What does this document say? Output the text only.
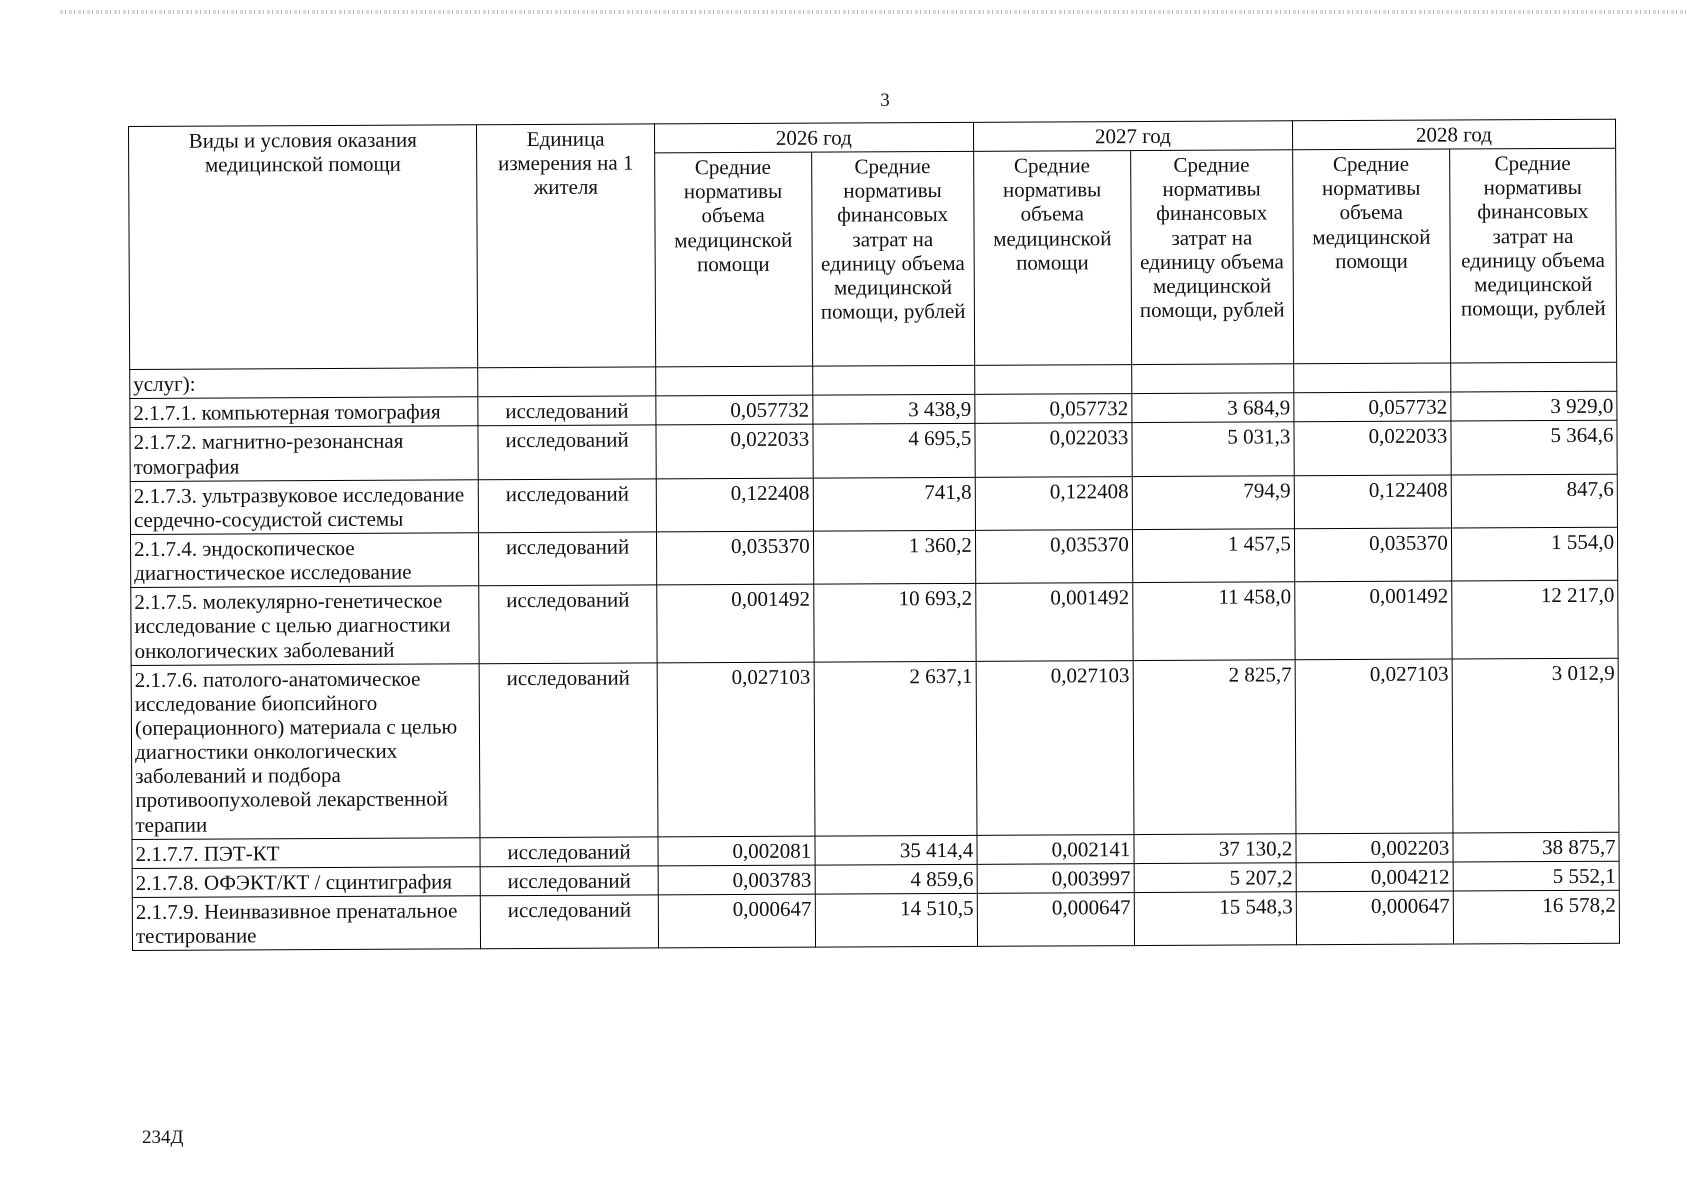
3
Виды и условия оказания медицинской помощи	Единица измерения на 1 жителя	2026 год		2027 год		2028 год	
		Средние нормативы объема медицинской помощи	Средние нормативы финансовых затрат на единицу объема медицинской помощи, рублей	Средние нормативы объема медицинской помощи	Средние нормативы финансовых затрат на единицу объема медицинской помощи, рублей	Средние нормативы объема медицинской помощи	Средние нормативы финансовых затрат на единицу объема медицинской помощи, рублей
услуг):							
2.1.7.1. компьютерная томография	исследований	0,057732	3 438,9	0,057732	3 684,9	0,057732	3 929,0
2.1.7.2. магнитно-резонансная томография	исследований	0,022033	4 695,5	0,022033	5 031,3	0,022033	5 364,6
2.1.7.3. ультразвуковое исследование сердечно-сосудистой системы	исследований	0,122408	741,8	0,122408	794,9	0,122408	847,6
2.1.7.4. эндоскопическое диагностическое исследование	исследований	0,035370	1 360,2	0,035370	1 457,5	0,035370	1 554,0
2.1.7.5. молекулярно-генетическое исследование с целью диагностики онкологических заболеваний	исследований	0,001492	10 693,2	0,001492	11 458,0	0,001492	12 217,0
2.1.7.6. патолого-анатомическое исследование биопсийного (операционного) материала с целью диагностики онкологических заболеваний и подбора противоопухолевой лекарственной терапии	исследований	0,027103	2 637,1	0,027103	2 825,7	0,027103	3 012,9
2.1.7.7. ПЭТ-КТ	исследований	0,002081	35 414,4	0,002141	37 130,2	0,002203	38 875,7
2.1.7.8. ОФЭКТ/КТ / сцинтиграфия	исследований	0,003783	4 859,6	0,003997	5 207,2	0,004212	5 552,1
2.1.7.9. Неинвазивное пренатальное тестирование	исследований	0,000647	14 510,5	0,000647	15 548,3	0,000647	16 578,2
234Д
